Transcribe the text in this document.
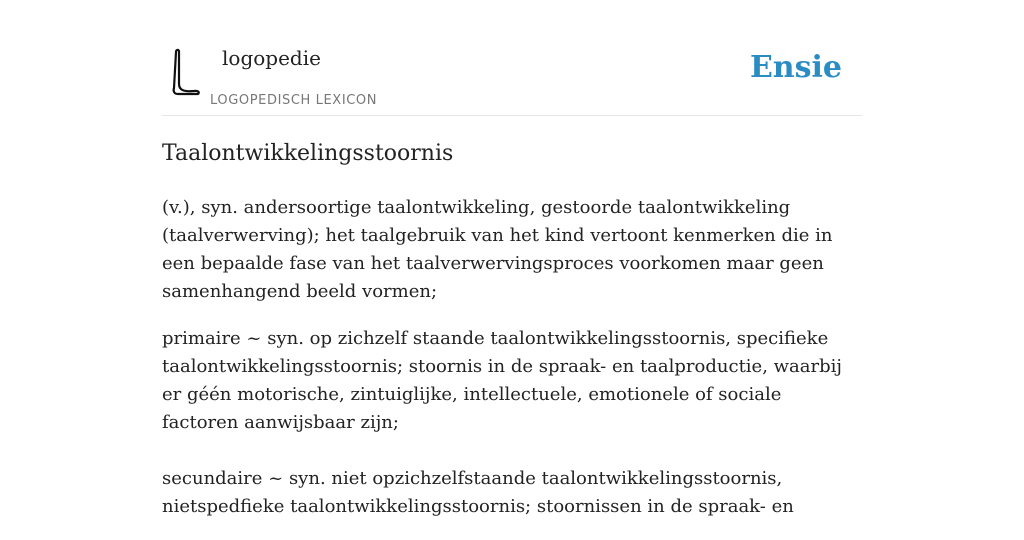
logopedie
LOGOPEDISCH LEXICON
Ensie
Taalontwikkelingsstoornis

(v.), syn. andersoortige taalontwikkeling, gestoorde taalontwikkeling (taalverwerving); het taalgebruik van het kind vertoont kenmerken die in een bepaalde fase van het taalverwervingsproces voorkomen maar geen samenhangend beeld vormen;

primaire ~ syn. op zichzelf staande taalontwikkelingsstoornis, specifieke taalontwikkelingsstoornis; stoornis in de spraak- en taalproductie, waarbij er géén motorische, zintuiglijke, intellectuele, emotionele of sociale factoren aanwijsbaar zijn;

secundaire ~ syn. niet opzichzelfstaande taalontwikkelingsstoornis, nietspedfieke taalontwikkelingsstoornis; stoornissen in de spraak- en
